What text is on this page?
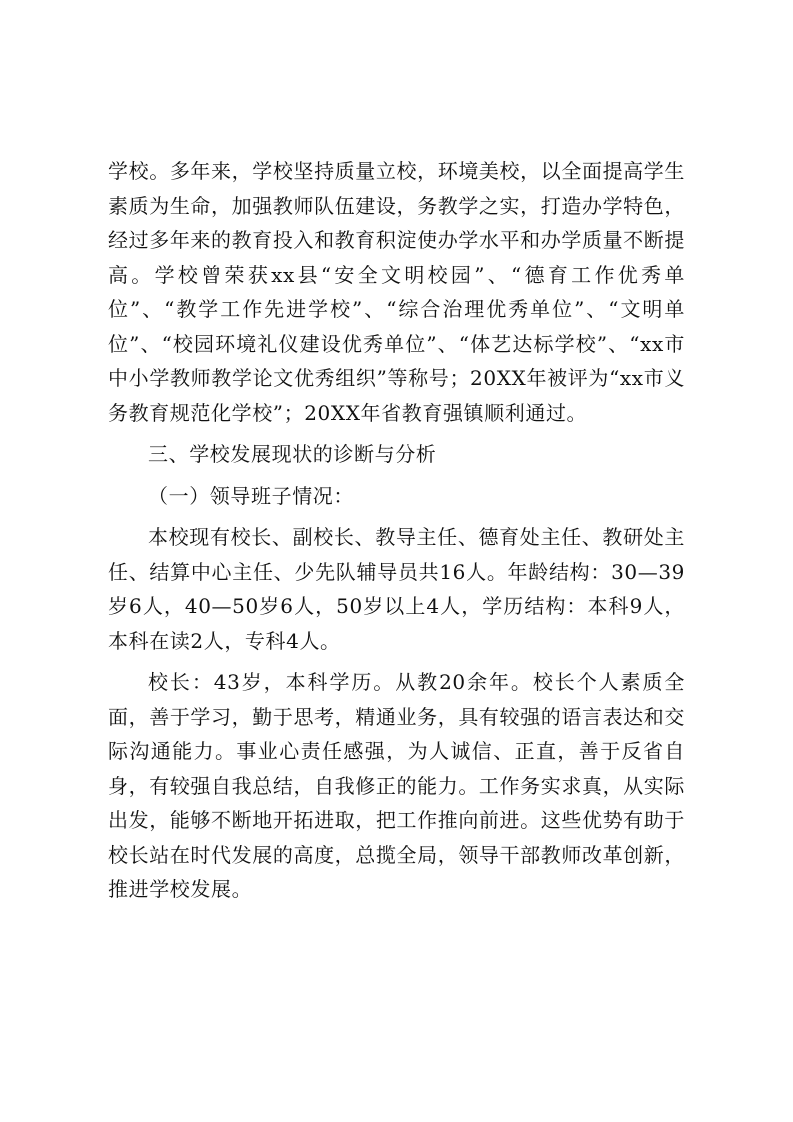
学校。多年来，学校坚持质量立校，环境美校，以全面提高学生素质为生命，加强教师队伍建设，务教学之实，打造办学特色，经过多年来的教育投入和教育积淀使办学水平和办学质量不断提高。学校曾荣获xx县“安全文明校园”、“德育工作优秀单位”、“教学工作先进学校”、“综合治理优秀单位”、“文明单位”、“校园环境礼仪建设优秀单位”、“体艺达标学校”、“xx市中小学教师教学论文优秀组织”等称号；20XX年被评为“xx市义务教育规范化学校”；20XX年省教育强镇顺利通过。

三、学校发展现状的诊断与分析

（一）领导班子情况：

本校现有校长、副校长、教导主任、德育处主任、教研处主任、结算中心主任、少先队辅导员共16人。年龄结构：30—39岁6人，40—50岁6人，50岁以上4人，学历结构：本科9人，本科在读2人，专科4人。

校长：43岁，本科学历。从教20余年。校长个人素质全面，善于学习，勤于思考，精通业务，具有较强的语言表达和交际沟通能力。事业心责任感强，为人诚信、正直，善于反省自身，有较强自我总结，自我修正的能力。工作务实求真，从实际出发，能够不断地开拓进取，把工作推向前进。这些优势有助于校长站在时代发展的高度，总揽全局，领导干部教师改革创新，推进学校发展。
